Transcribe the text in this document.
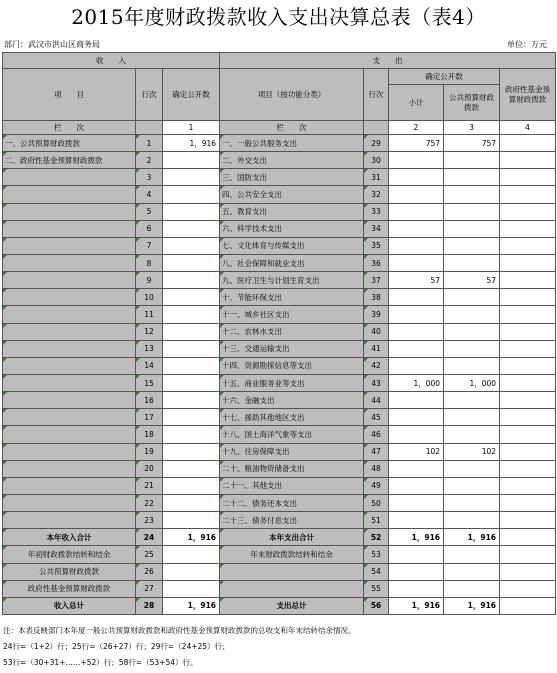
2015年度财政拨款收入支出决算总表（表4）
部门：武汉市洪山区商务局	单位：万元
收　　入			支　　出				
项　　目	行次	确定公开数	项目（按功能分类）	行次	确定公开数		政府性基金预算财政拨款
					小计	公共预算财政拨款	
栏　　次		1	栏　　次		2	3	4
一、公共预算财政拨款	1	1，916	一、一般公共服务支出	29	757	757	
二、政府性基金预算财政拨款	2		二、外交支出	30			
	3		三、国防支出	31			
	4		四、公共安全支出	32			
	5		五、教育支出	33			
	6		六、科学技术支出	34			
	7		七、文化体育与传媒支出	35			
	8		八、社会保障和就业支出	36			
	9		九、医疗卫生与计划生育支出	37	57	57	
	10		十、节能环保支出	38			
	11		十一、城乡社区支出	39			
	12		十二、农林水支出	40			
	13		十三、交通运输支出	41			
	14		十四、资源勘探信息等支出	42			
	15		十五、商业服务业等支出	43	1，000	1，000	
	16		十六、金融支出	44			
	17		十七、援助其他地区支出	45			
	18		十八、国土海洋气象等支出	46			
	19		十九、住房保障支出	47	102	102	
	20		二十、粮油物资储备支出	48			
	21		二十一、其他支出	49			
	22		二十二、债务还本支出	50			
	23		二十三、债务付息支出	51			
本年收入合计	24	1，916	本年支出合计	52	1，916	1，916	
年初财政拨款结转和结余	25		年末财政拨款结转和结余	53			
公共预算财政拨款	26			54			
政府性基金预算财政拨款	27			55			
收入总计	28	1，916	支出总计	56	1，916	1，916	
注：本表反映部门本年度一般公共预算财政拨款和政府性基金预算财政拨款的总收支和年末结转结余情况。
24行=（1+2）行；25行=（26+27）行；29行=（24+25）行；
53行=（30+31+……+52）行；58行=（53+54）行。
